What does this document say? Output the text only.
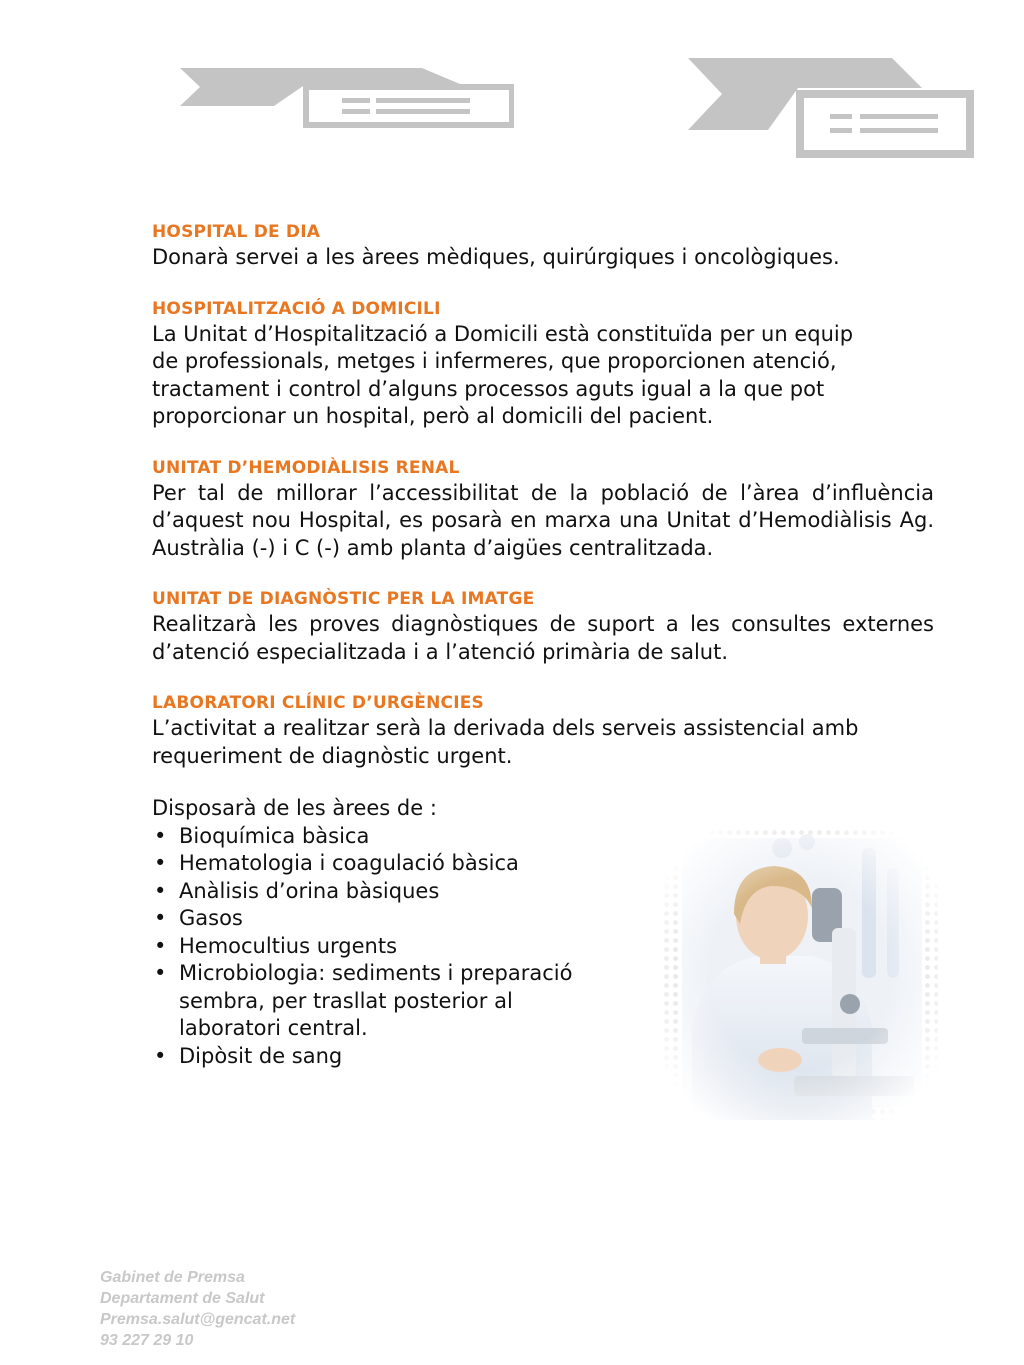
HOSPITAL DE DIA
Donarà servei a les àrees mèdiques, quirúrgiques i oncològiques.
HOSPITALITZACIÓ A DOMICILI
La Unitat d’Hospitalització a Domicili està constituïda per un equip
de professionals, metges i infermeres, que proporcionen atenció,
tractament i control d’alguns processos aguts igual a la que pot
proporcionar un hospital, però al domicili del pacient.
UNITAT D’HEMODIÀLISIS RENAL
Per tal de millorar l’accessibilitat de la població de l’àrea d’influència d’aquest nou Hospital, es posarà en marxa una Unitat d’Hemodiàlisis Ag. Austràlia (-) i C (-) amb planta d’aigües centralitzada.
UNITAT DE DIAGNÒSTIC PER LA IMATGE
Realitzarà les proves diagnòstiques de suport a les consultes externes d’atenció especialitzada i a l’atenció primària de salut.
LABORATORI CLÍNIC D’URGÈNCIES
L’activitat a realitzar serà la derivada dels serveis assistencial amb
requeriment de diagnòstic urgent.
Disposarà de les àrees de :
• Bioquímica bàsica
• Hematologia i coagulació bàsica
• Anàlisis d’orina bàsiques
• Gasos
• Hemocultius urgents
• Microbiologia: sediments i preparació
sembra, per trasllat posterior al
laboratori central.
• Dipòsit de sang
Gabinet de Premsa
Departament de Salut
Premsa.salut@gencat.net
93 227 29 10
